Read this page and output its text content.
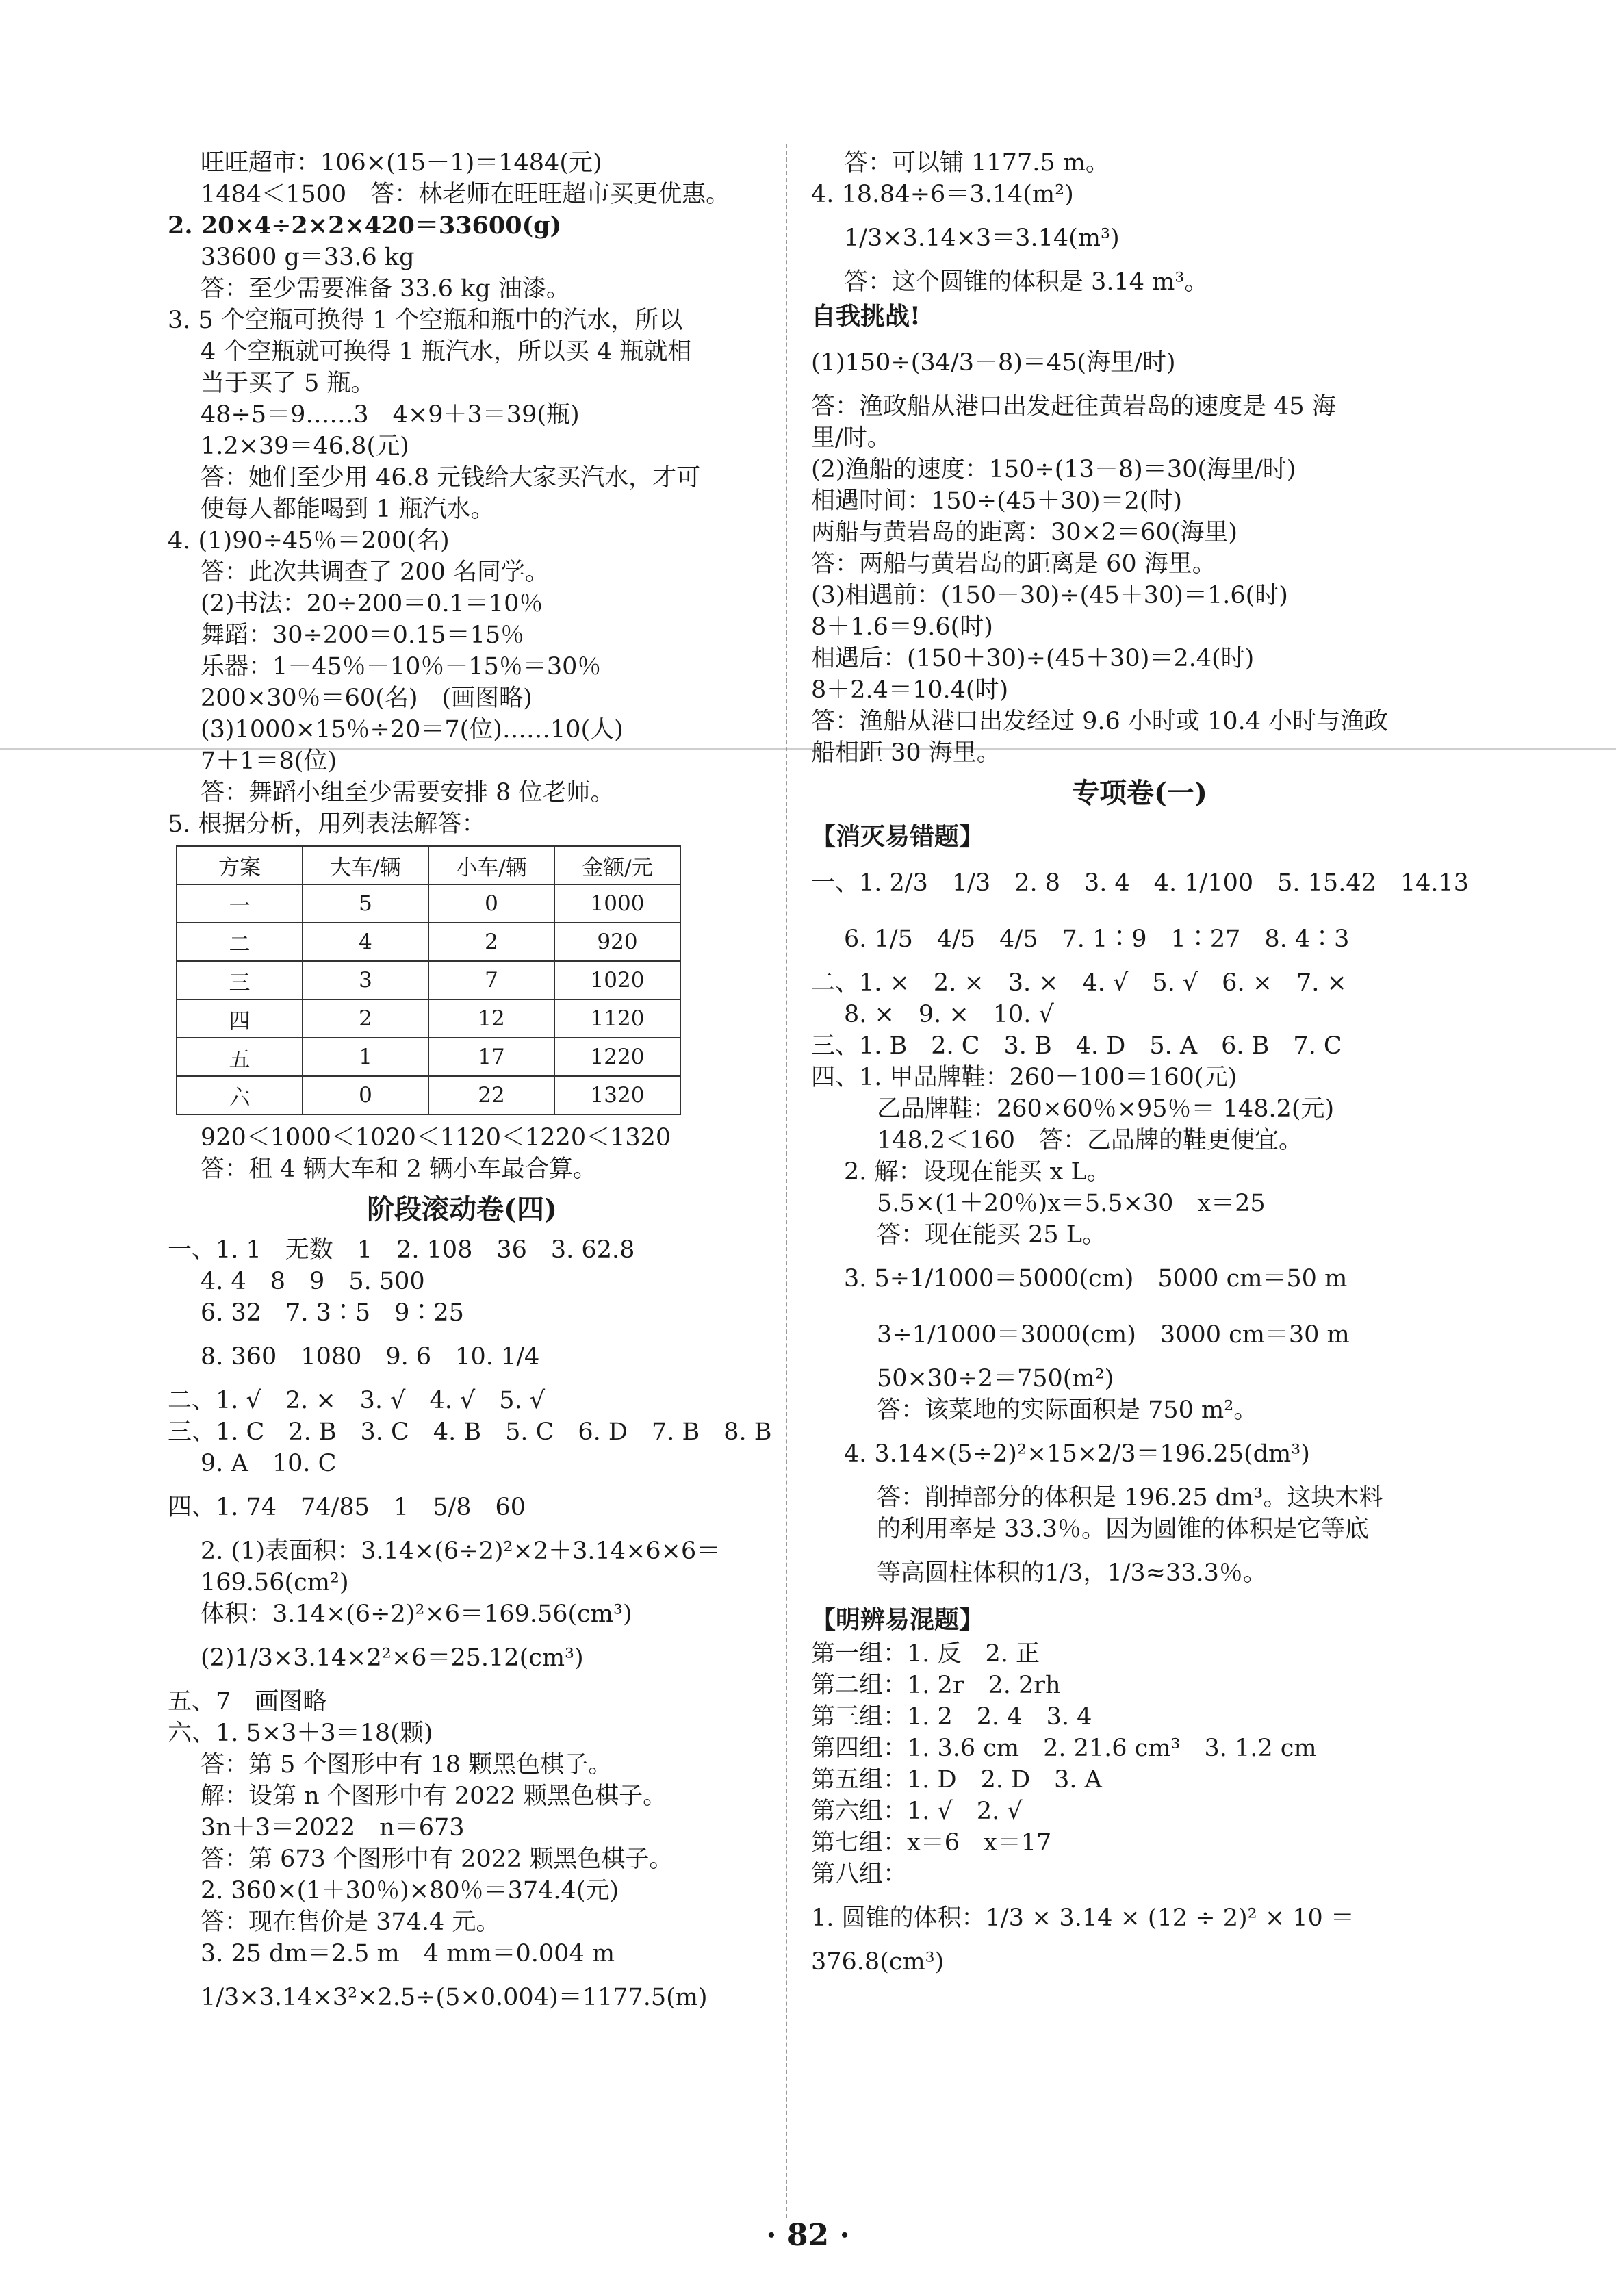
旺旺超市：106×(15－1)＝1484(元)
1484＜1500　答：林老师在旺旺超市买更优惠。
2. 20×4÷2×2×420＝33600(g)
33600 g＝33.6 kg
答：至少需要准备 33.6 kg 油漆。
3. 5 个空瓶可换得 1 个空瓶和瓶中的汽水，所以
4 个空瓶就可换得 1 瓶汽水，所以买 4 瓶就相
当于买了 5 瓶。
48÷5＝9……3　4×9＋3＝39(瓶)
1.2×39＝46.8(元)
答：她们至少用 46.8 元钱给大家买汽水，才可
使每人都能喝到 1 瓶汽水。
4. (1)90÷45％＝200(名)
答：此次共调查了 200 名同学。
(2)书法：20÷200＝0.1＝10％
舞蹈：30÷200＝0.15＝15％
乐器：1－45％－10％－15％＝30％
200×30％＝60(名)　(画图略)
(3)1000×15％÷20＝7(位)……10(人)
7＋1＝8(位)
答：舞蹈小组至少需要安排 8 位老师。
5. 根据分析，用列表法解答：
方案	大车/辆	小车/辆	金额/元
一	5	0	1000
二	4	2	920
三	3	7	1020
四	2	12	1120
五	1	17	1220
六	0	22	1320
920＜1000＜1020＜1120＜1220＜1320
答：租 4 辆大车和 2 辆小车最合算。
阶段滚动卷(四)
一、1. 1　无数　1　2. 108　36　3. 62.8
4. 4　8　9　5. 500
6. 32　7. 3∶5　9∶25
8. 360　1080　9. 6　10. 1/4
二、1. √　2. ×　3. √　4. √　5. √
三、1. C　2. B　3. C　4. B　5. C　6. D　7. B　8. B
9. A　10. C
四、1. 74　74/85　1　5/8　60
2. (1)表面积：3.14×(6÷2)²×2＋3.14×6×6＝
169.56(cm²)
体积：3.14×(6÷2)²×6＝169.56(cm³)
(2)1/3×3.14×2²×6＝25.12(cm³)
五、7　画图略
六、1. 5×3＋3＝18(颗)
答：第 5 个图形中有 18 颗黑色棋子。
解：设第 n 个图形中有 2022 颗黑色棋子。
3n＋3＝2022　n＝673
答：第 673 个图形中有 2022 颗黑色棋子。
2. 360×(1＋30％)×80％＝374.4(元)
答：现在售价是 374.4 元。
3. 25 dm＝2.5 m　4 mm＝0.004 m
1/3×3.14×3²×2.5÷(5×0.004)＝1177.5(m)
答：可以铺 1177.5 m。
4. 18.84÷6＝3.14(m²)
1/3×3.14×3＝3.14(m³)
答：这个圆锥的体积是 3.14 m³。
自我挑战!
(1)150÷(34/3－8)＝45(海里/时)
答：渔政船从港口出发赶往黄岩岛的速度是 45 海
里/时。
(2)渔船的速度：150÷(13－8)＝30(海里/时)
相遇时间：150÷(45＋30)＝2(时)
两船与黄岩岛的距离：30×2＝60(海里)
答：两船与黄岩岛的距离是 60 海里。
(3)相遇前：(150－30)÷(45＋30)＝1.6(时)
8＋1.6＝9.6(时)
相遇后：(150＋30)÷(45＋30)＝2.4(时)
8＋2.4＝10.4(时)
答：渔船从港口出发经过 9.6 小时或 10.4 小时与渔政
船相距 30 海里。
专项卷(一)
【消灭易错题】
一、1. 2/3　1/3　2. 8　3. 4　4. 1/100　5. 15.42　14.13
6. 1/5　4/5　4/5　7. 1∶9　1∶27　8. 4∶3
二、1. ×　2. ×　3. ×　4. √　5. √　6. ×　7. ×
8. ×　9. ×　10. √
三、1. B　2. C　3. B　4. D　5. A　6. B　7. C
四、1. 甲品牌鞋：260－100＝160(元)
乙品牌鞋：260×60％×95％＝ 148.2(元)
148.2＜160　答：乙品牌的鞋更便宜。
2. 解：设现在能买 x L。
5.5×(1＋20％)x＝5.5×30　x＝25
答：现在能买 25 L。
3. 5÷1/1000＝5000(cm)　5000 cm＝50 m
3÷1/1000＝3000(cm)　3000 cm＝30 m
50×30÷2＝750(m²)
答：该菜地的实际面积是 750 m²。
4. 3.14×(5÷2)²×15×2/3＝196.25(dm³)
答：削掉部分的体积是 196.25 dm³。这块木料
的利用率是 33.3％。因为圆锥的体积是它等底
等高圆柱体积的1/3，1/3≈33.3％。
【明辨易混题】
第一组：1. 反　2. 正
第二组：1. 2r　2. 2rh
第三组：1. 2　2. 4　3. 4
第四组：1. 3.6 cm　2. 21.6 cm³　3. 1.2 cm
第五组：1. D　2. D　3. A
第六组：1. √　2. √
第七组：x＝6　x＝17
第八组：
1. 圆锥的体积：1/3 × 3.14 × (12 ÷ 2)² × 10 ＝
376.8(cm³)
· 82 ·
